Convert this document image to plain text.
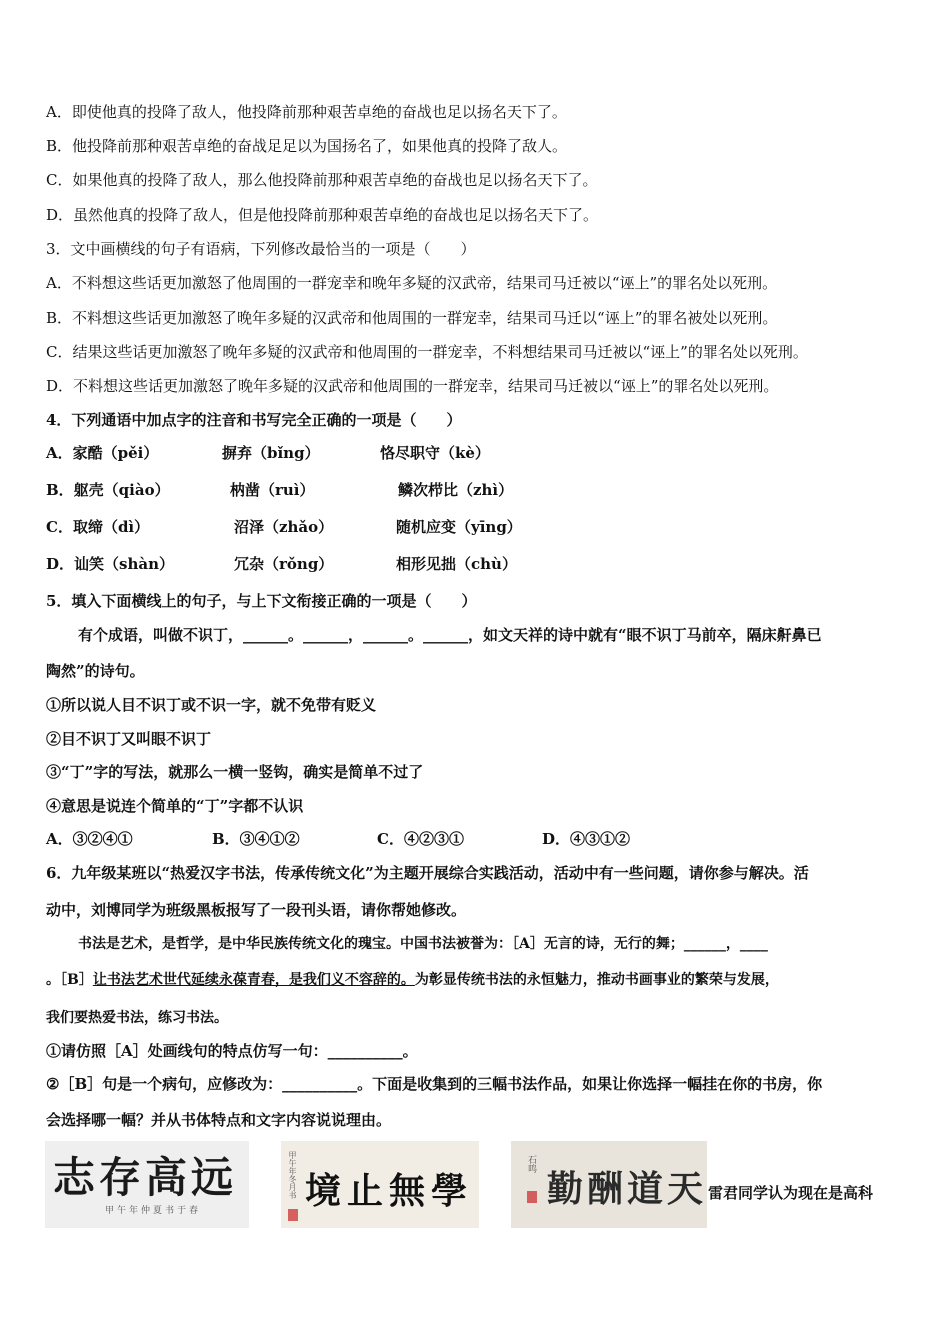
A．即使他真的投降了敌人，他投降前那种艰苦卓绝的奋战也足以扬名天下了。
B．他投降前那种艰苦卓绝的奋战足足以为国扬名了，如果他真的投降了敌人。
C．如果他真的投降了敌人，那么他投降前那种艰苦卓绝的奋战也足以扬名天下了。
D．虽然他真的投降了敌人，但是他投降前那种艰苦卓绝的奋战也足以扬名天下了。
3．文中画横线的句子有语病，下列修改最恰当的一项是（　　）
A．不料想这些话更加激怒了他周围的一群宠幸和晚年多疑的汉武帝，结果司马迁被以“诬上”的罪名处以死刑。
B．不料想这些话更加激怒了晚年多疑的汉武帝和他周围的一群宠幸，结果司马迁以“诬上”的罪名被处以死刑。
C．结果这些话更加激怒了晚年多疑的汉武帝和他周围的一群宠幸，不料想结果司马迁被以“诬上”的罪名处以死刑。
D．不料想这些话更加激怒了晚年多疑的汉武帝和他周围的一群宠幸，结果司马迁被以“诬上”的罪名处以死刑。
4．下列通语中加点字的注音和书写完全正确的一项是（　　）
A．家酷（pěi）	摒弃（bǐng）	恪尽职守（kè）
B．躯壳（qiào）	枘凿（ruì）	鳞次栉比（zhì）
C．取缔（dì）	沼泽（zhǎo）	随机应变（yīng）
D．讪笑（shàn）	冗杂（rǒng）	相形见拙（chù）
5．填入下面横线上的句子，与上下文衔接正确的一项是（　　）
有个成语，叫做不识丁，______。______，______。______，如文天祥的诗中就有“眼不识丁马前卒，隔床鼾鼻已
陶然”的诗句。
①所以说人目不识丁或不识一字，就不免带有贬义
②目不识丁又叫眼不识丁
③“丁”字的写法，就那么一横一竖钩，确实是简单不过了
④意思是说连个简单的“丁”字都不认识
A．③②④①	B．③④①②	C．④②③①	D．④③①②
6．九年级某班以“热爱汉字书法，传承传统文化”为主题开展综合实践活动，活动中有一些问题，请你参与解决。活
动中，刘博同学为班级黑板报写了一段刊头语，请你帮她修改。
书法是艺术，是哲学，是中华民族传统文化的瑰宝。中国书法被誉为：［A］无言的诗，无行的舞；______，____
。［B］让书法艺术世代延续永葆青春，是我们义不容辞的。为彰显传统书法的永恒魅力，推动书画事业的繁荣与发展，
我们要热爱书法，练习书法。
①请仿照［A］处画线句的特点仿写一句：__________。
②［B］句是一个病句，应修改为：__________。下面是收集到的三幅书法作品，如果让你选择一幅挂在你的书房，你
会选择哪一幅？并从书体特点和文字内容说说理由。
志存高远
甲午年仲夏书于春
甲午年冬月书 學無止境
石鸣
天道酬勤 雷君同学认为现在是高科
